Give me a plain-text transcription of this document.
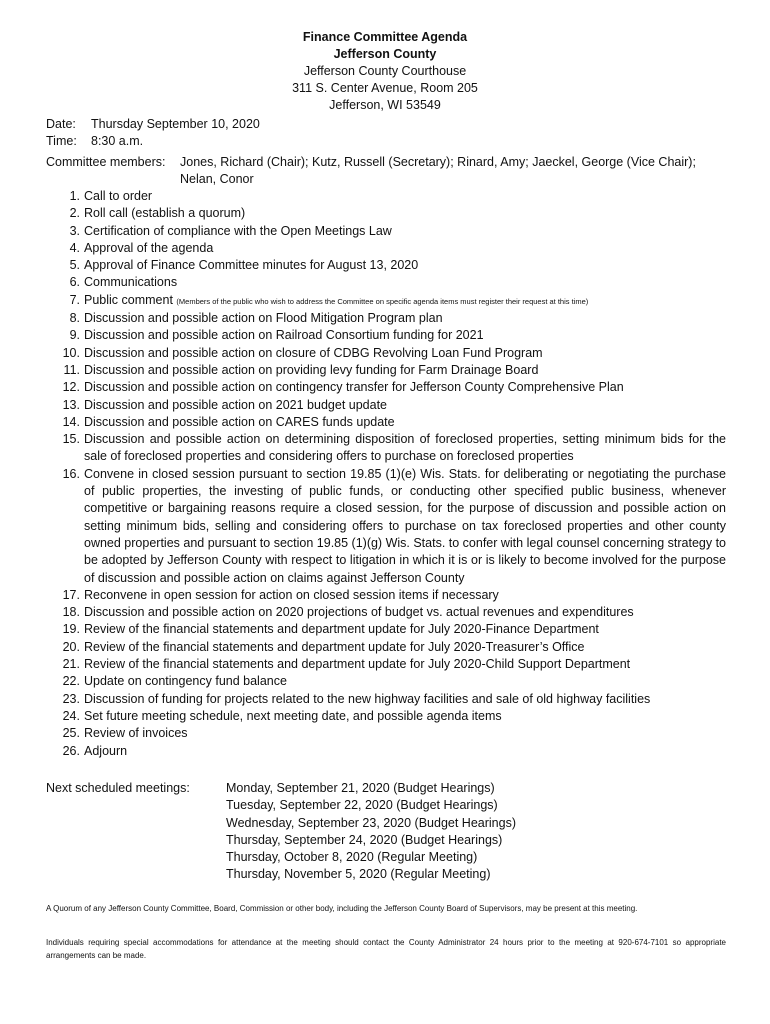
Finance Committee Agenda
Jefferson County
Jefferson County Courthouse
311 S. Center Avenue, Room 205
Jefferson, WI 53549
Date: Thursday September 10, 2020
Time: 8:30 a.m.
Committee members: Jones, Richard (Chair); Kutz, Russell (Secretary); Rinard, Amy; Jaeckel, George (Vice Chair);
Nelan, Conor
1. Call to order
2. Roll call (establish a quorum)
3. Certification of compliance with the Open Meetings Law
4. Approval of the agenda
5. Approval of Finance Committee minutes for August 13, 2020
6. Communications
7. Public comment (Members of the public who wish to address the Committee on specific agenda items must register their request at this time)
8. Discussion and possible action on Flood Mitigation Program plan
9. Discussion and possible action on Railroad Consortium funding for 2021
10. Discussion and possible action on closure of CDBG Revolving Loan Fund Program
11. Discussion and possible action on providing levy funding for Farm Drainage Board
12. Discussion and possible action on contingency transfer for Jefferson County Comprehensive Plan
13. Discussion and possible action on 2021 budget update
14. Discussion and possible action on CARES funds update
15. Discussion and possible action on determining disposition of foreclosed properties, setting minimum bids for the sale of foreclosed properties and considering offers to purchase on foreclosed properties
16. Convene in closed session pursuant to section 19.85 (1)(e) Wis. Stats. for deliberating or negotiating the purchase of public properties, the investing of public funds, or conducting other specified public business, whenever competitive or bargaining reasons require a closed session, for the purpose of discussion and possible action on setting minimum bids, selling and considering offers to purchase on tax foreclosed properties and other county owned properties and pursuant to section 19.85 (1)(g) Wis. Stats. to confer with legal counsel concerning strategy to be adopted by Jefferson County with respect to litigation in which it is or is likely to become involved for the purpose of discussion and possible action on claims against Jefferson County
17. Reconvene in open session for action on closed session items if necessary
18. Discussion and possible action on 2020 projections of budget vs. actual revenues and expenditures
19. Review of the financial statements and department update for July 2020-Finance Department
20. Review of the financial statements and department update for July 2020-Treasurer’s Office
21. Review of the financial statements and department update for July 2020-Child Support Department
22. Update on contingency fund balance
23. Discussion of funding for projects related to the new highway facilities and sale of old highway facilities
24. Set future meeting schedule, next meeting date, and possible agenda items
25. Review of invoices
26. Adjourn
Next scheduled meetings:	Monday, September 21, 2020 (Budget Hearings)
Tuesday, September 22, 2020 (Budget Hearings)
Wednesday, September 23, 2020 (Budget Hearings)
Thursday, September 24, 2020 (Budget Hearings)
Thursday, October 8, 2020 (Regular Meeting)
Thursday, November 5, 2020 (Regular Meeting)
A Quorum of any Jefferson County Committee, Board, Commission or other body, including the Jefferson County Board of Supervisors, may be present at this meeting.
Individuals requiring special accommodations for attendance at the meeting should contact the County Administrator 24 hours prior to the meeting at 920-674-7101 so appropriate arrangements can be made.
